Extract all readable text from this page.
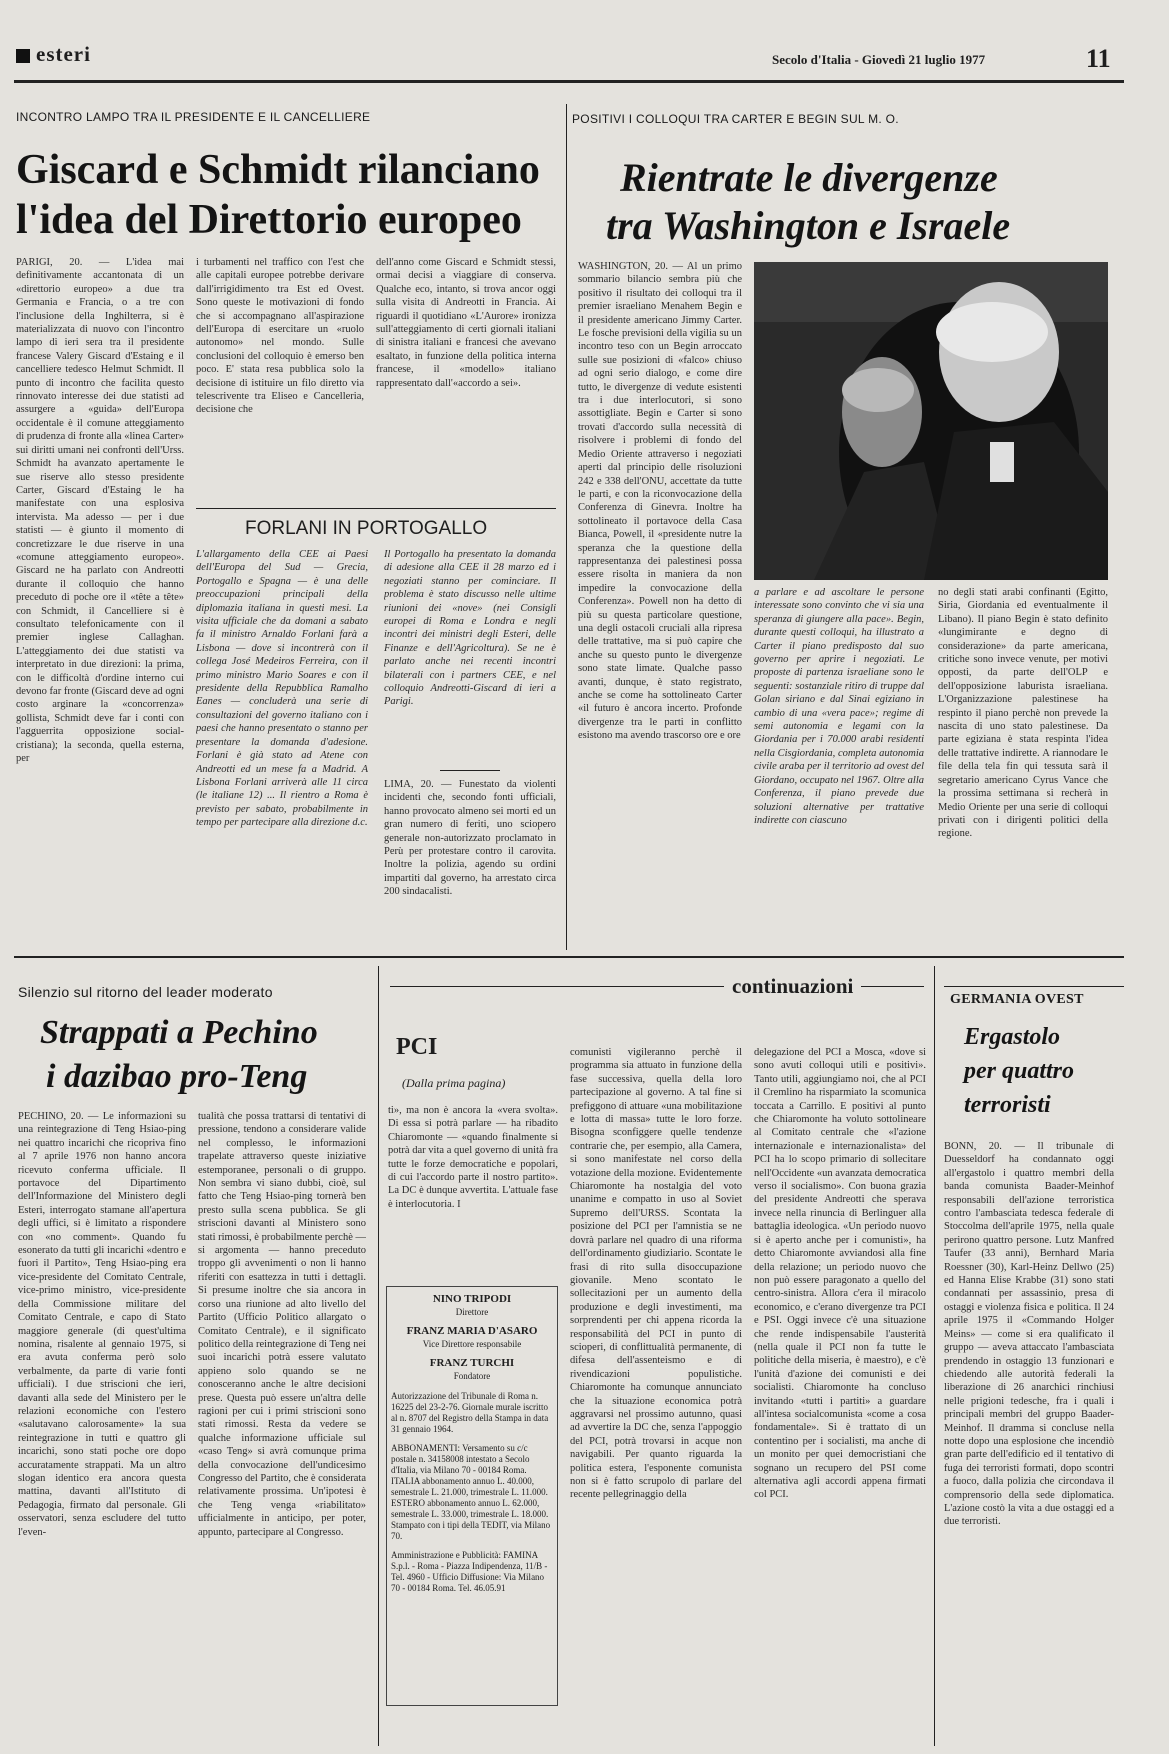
esteri	Secolo d'Italia - Giovedì 21 luglio 1977	11
INCONTRO LAMPO TRA IL PRESIDENTE E IL CANCELLIERE
Giscard e Schmidt rilanciano
l'idea del Direttorio europeo
PARIGI, 20. — L'idea mai definitivamente accantonata di un «direttorio europeo» a due tra Germania e Francia, o a tre con l'inclusione della Inghilterra, si è materializzata di nuovo con l'incontro lampo di ieri sera tra il presidente francese Valery Giscard d'Estaing e il cancelliere tedesco Helmut Schmidt. Il punto di incontro che facilita questo rinnovato interesse dei due statisti ad assurgere a «guida» dell'Europa occidentale è il comune atteggiamento di prudenza di fronte alla «linea Carter» sui diritti umani nei confronti dell'Urss. Schmidt ha avanzato apertamente le sue riserve allo stesso presidente Carter, Giscard d'Estaing le ha manifestate con una esplosiva intervista. Ma adesso — per i due statisti — è giunto il momento di concretizzare le due riserve in una «comune atteggiamento europeo». Giscard ne ha parlato con Andreotti durante il colloquio che hanno preceduto di poche ore il «tête a tête» con Schmidt, il Cancelliere si è consultato telefonicamente con il premier inglese Callaghan. L'atteggiamento dei due statisti va interpretato in due direzioni: la prima, con le difficoltà d'ordine interno cui devono far fronte (Giscard deve ad ogni costo arginare la «concorrenza» gollista, Schmidt deve far i conti con l'agguerrita opposizione social-cristiana); la seconda, quella esterna, per
i turbamenti nel traffico con l'est che alle capitali europee potrebbe derivare dall'irrigidimento tra Est ed Ovest. Sono queste le motivazioni di fondo che si accompagnano all'aspirazione dell'Europa di esercitare un «ruolo autonomo» nel mondo. Sulle conclusioni del colloquio è emerso ben poco. E' stata resa pubblica solo la decisione di istituire un filo diretto via telescrivente tra Eliseo e Cancelleria, decisione che
dell'anno come Giscard e Schmidt stessi, ormai decisi a viaggiare di conserva. Qualche eco, intanto, si trova ancor oggi sulla visita di Andreotti in Francia. Ai riguardi il quotidiano «L'Aurore» ironizza sull'atteggiamento di certi giornali italiani di sinistra italiani e francesi che avevano esaltato, in funzione della politica interna francese, il «modello» italiano rappresentato dall'«accordo a sei».
FORLANI IN PORTOGALLO
L'allargamento della CEE ai Paesi dell'Europa del Sud — Grecia, Portogallo e Spagna — è una delle preoccupazioni principali della diplomazia italiana in questi mesi. La visita ufficiale che da domani a sabato fa il ministro Arnaldo Forlani farà a Lisbona — dove si incontrerà con il collega José Medeiros Ferreira, con il primo ministro Mario Soares e con il presidente della Repubblica Ramalho Eanes — concluderà una serie di consultazioni del governo italiano con i paesi che hanno presentato o stanno per presentare la domanda d'adesione. Forlani è già stato ad Atene con Andreotti ed un mese fa a Madrid. A Lisbona Forlani arriverà alle 11 circa (le italiane 12) ... Il rientro a Roma è previsto per sabato, probabilmente in tempo per partecipare alla direzione d.c.
Il Portogallo ha presentato la domanda di adesione alla CEE il 28 marzo ed i negoziati stanno per cominciare. Il problema è stato discusso nelle ultime riunioni dei «nove» (nei Consigli europei di Roma e Londra e negli incontri dei ministri degli Esteri, delle Finanze e dell'Agricoltura). Se ne è parlato anche nei recenti incontri bilaterali con i partners CEE, e nel colloquio Andreotti-Giscard di ieri a Parigi.
LIMA, 20. — Funestato da violenti incidenti che, secondo fonti ufficiali, hanno provocato almeno sei morti ed un gran numero di feriti, uno sciopero generale non-autorizzato proclamato in Perù per protestare contro il carovita. Inoltre la polizia, agendo su ordini impartiti dal governo, ha arrestato circa 200 sindacalisti.
POSITIVI I COLLOQUI TRA CARTER E BEGIN SUL M. O.
Rientrate le divergenze
tra Washington e Israele
WASHINGTON, 20. — Al un primo sommario bilancio sembra più che positivo il risultato dei colloqui tra il premier israeliano Menahem Begin e il presidente americano Jimmy Carter. Le fosche previsioni della vigilia su un incontro teso con un Begin arroccato sulle sue posizioni di «falco» chiuso ad ogni serio dialogo, e come dire tutto, le divergenze di vedute esistenti tra i due interlocutori, si sono assottigliate. Begin e Carter si sono trovati d'accordo sulla necessità di risolvere i problemi di fondo del Medio Oriente attraverso i negoziati aperti dal principio delle risoluzioni 242 e 338 dell'ONU, accettate da tutte le parti, e con la riconvocazione della Conferenza di Ginevra. Inoltre ha sottolineato il portavoce della Casa Bianca, Powell, il «presidente nutre la speranza che la questione della rappresentanza dei palestinesi possa essere risolta in maniera da non impedire la convocazione della Conferenza». Powell non ha detto di più su questa particolare questione, una degli ostacoli cruciali alla ripresa delle trattative, ma si può capire che anche su questo punto le divergenze sono state limate. Qualche passo avanti, dunque, è stato registrato, anche se come ha sottolineato Carter «il futuro è ancora incerto. Profonde divergenze tra le parti in conflitto esistono ma avendo trascorso ore e ore
a parlare e ad ascoltare le persone interessate sono convinto che vi sia una speranza di giungere alla pace». Begin, durante questi colloqui, ha illustrato a Carter il piano predisposto dal suo governo per aprire i negoziati. Le proposte di partenza israeliane sono le seguenti: sostanziale ritiro di truppe dal Golan siriano e dal Sinai egiziano in cambio di una «vera pace»; regime di semi autonomia e legami con la Giordania per i 70.000 arabi residenti nella Cisgiordania, completa autonomia civile araba per il territorio ad ovest del Giordano, occupato nel 1967. Oltre alla Conferenza, il piano prevede due soluzioni alternative per trattative indirette con ciascuno
no degli stati arabi confinanti (Egitto, Siria, Giordania ed eventualmente il Libano). Il piano Begin è stato definito «lungimirante e degno di considerazione» da parte americana, critiche sono invece venute, per motivi opposti, da parte dell'OLP e dell'opposizione laburista israeliana. L'Organizzazione palestinese ha respinto il piano perchè non prevede la nascita di uno stato palestinese. Da parte egiziana è stata respinta l'idea delle trattative indirette. A riannodare le file della tela fin qui tessuta sarà il segretario americano Cyrus Vance che la prossima settimana si recherà in Medio Oriente per una serie di colloqui privati con i dirigenti politici della regione.
Silenzio sul ritorno del leader moderato
Strappati a Pechino
i dazibao pro-Teng
PECHINO, 20. — Le informazioni su una reintegrazione di Teng Hsiao-ping nei quattro incarichi che ricopriva fino al 7 aprile 1976 non hanno ancora ricevuto conferma ufficiale. Il portavoce del Dipartimento dell'Informazione del Ministero degli Esteri, interrogato stamane all'apertura degli uffici, si è limitato a rispondere con «no comment». Quando fu esonerato da tutti gli incarichi «dentro e fuori il Partito», Teng Hsiao-ping era vice-presidente del Comitato Centrale, vice-primo ministro, vice-presidente della Commissione militare del Comitato Centrale, e capo di Stato maggiore generale (di quest'ultima nomina, risalente al gennaio 1975, si era avuta conferma però solo verbalmente, da parte di varie fonti ufficiali). I due striscioni che ieri, davanti alla sede del Ministero per le relazioni economiche con l'estero «salutavano calorosamente» la sua reintegrazione in tutti e quattro gli incarichi, sono stati poche ore dopo accuratamente strappati. Ma un altro slogan identico era ancora questa mattina, davanti all'Istituto di Pedagogia, firmato dal personale. Gli osservatori, senza escludere del tutto l'even-
tualità che possa trattarsi di tentativi di pressione, tendono a considerare valide nel complesso, le informazioni trapelate attraverso queste iniziative estemporanee, personali o di gruppo. Non sembra vi siano dubbi, cioè, sul fatto che Teng Hsiao-ping tornerà ben presto sulla scena pubblica. Se gli striscioni davanti al Ministero sono stati rimossi, è probabilmente perchè — si argomenta — hanno preceduto troppo gli avvenimenti o non li hanno riferiti con esattezza in tutti i dettagli. Si presume inoltre che sia ancora in corso una riunione ad alto livello del Partito (Ufficio Politico allargato o Comitato Centrale), e il significato politico della reintegrazione di Teng nei suoi incarichi potrà essere valutato appieno solo quando se ne conosceranno anche le altre decisioni prese. Questa può essere un'altra delle ragioni per cui i primi striscioni sono stati rimossi. Resta da vedere se qualche informazione ufficiale sul «caso Teng» si avrà comunque prima della convocazione dell'undicesimo Congresso del Partito, che è considerata relativamente prossima. Un'ipotesi è che Teng venga «riabilitato» ufficialmente in anticipo, per poter, appunto, partecipare al Congresso.
continuazioni
PCI
(Dalla prima pagina)
ti», ma non è ancora la «vera svolta». Di essa si potrà parlare — ha ribadito Chiaromonte — «quando finalmente si potrà dar vita a quel governo di unità fra tutte le forze democratiche e popolari, di cui l'accordo parte il nostro partito». La DC è dunque avvertita. L'attuale fase è interlocutoria. I
NINO TRIPODI
Direttore
FRANZ MARIA D'ASARO
Vice Direttore responsabile
FRANZ TURCHI
Fondatore
Autorizzazione del Tribunale di Roma n. 16225 del 23-2-76. Giornale murale iscritto al n. 8707 del Registro della Stampa in data 31 gennaio 1964.
ABBONAMENTI: Versamento su c/c postale n. 34158008 intestato a Secolo d'Italia, via Milano 70 - 00184 Roma. ITALIA abbonamento annuo L. 40.000, semestrale L. 21.000, trimestrale L. 11.000. ESTERO abbonamento annuo L. 62.000, semestrale L. 33.000, trimestrale L. 18.000. Stampato con i tipi della TEDIT, via Milano 70.
Amministrazione e Pubblicità: FAMINA S.p.l. - Roma - Piazza Indipendenza, 11/B - Tel. 4960 - Ufficio Diffusione: Via Milano 70 - 00184 Roma. Tel. 46.05.91
comunisti vigileranno perchè il programma sia attuato in funzione della fase successiva, quella della loro partecipazione al governo. A tal fine si prefiggono di attuare «una mobilitazione e lotta di massa» tutte le loro forze. Bisogna sconfiggere quelle tendenze contrarie che, per esempio, alla Camera, si sono manifestate nel corso della votazione della mozione. Evidentemente Chiaromonte ha nostalgia del voto unanime e compatto in uso al Soviet Supremo dell'URSS. Scontata la posizione del PCI per l'amnistia se ne dovrà parlare nel quadro di una riforma dell'ordinamento giudiziario. Scontate le frasi di rito sulla disoccupazione giovanile. Meno scontato le sollecitazioni per un aumento della produzione e degli investimenti, ma sorprendenti per chi appena ricorda la responsabilità del PCI in punto di scioperi, di conflittualità permanente, di difesa dell'assenteismo e di rivendicazioni populistiche. Chiaromonte ha comunque annunciato che la situazione economica potrà aggravarsi nel prossimo autunno, quasi ad avvertire la DC che, senza l'appoggio del PCI, potrà trovarsi in acque non navigabili. Per quanto riguarda la politica estera, l'esponente comunista non si è fatto scrupolo di parlare del recente pellegrinaggio della
delegazione del PCI a Mosca, «dove si sono avuti colloqui utili e positivi». Tanto utili, aggiungiamo noi, che al PCI il Cremlino ha risparmiato la scomunica toccata a Carrillo. E positivi al punto che Chiaromonte ha voluto sottolineare al Comitato centrale che «l'azione internazionale e internazionalista» del PCI ha lo scopo primario di sollecitare nell'Occidente «un avanzata democratica verso il socialismo». Con buona grazia del presidente Andreotti che sperava invece nella rinuncia di Berlinguer alla battaglia ideologica. «Un periodo nuovo si è aperto anche per i comunisti», ha detto Chiaromonte avviandosi alla fine della relazione; un periodo nuovo che non può essere paragonato a quello del centro-sinistra. Allora c'era il miracolo economico, e c'erano divergenze tra PCI e PSI. Oggi invece c'è una situazione che rende indispensabile l'austerità (nella quale il PCI non fa tutte le politiche della miseria, è maestro), e c'è l'unità d'azione dei comunisti e dei socialisti. Chiaromonte ha concluso invitando «tutti i partiti» a guardare all'intesa socialcomunista «come a cosa fondamentale». Si è trattato di un contentino per i socialisti, ma anche di un monito per quei democristiani che sognano un recupero del PSI come alternativa agli accordi appena firmati col PCI.
GERMANIA OVEST
Ergastolo
per quattro
terroristi
BONN, 20. — Il tribunale di Duesseldorf ha condannato oggi all'ergastolo i quattro membri della banda comunista Baader-Meinhof responsabili dell'azione terroristica contro l'ambasciata tedesca federale di Stoccolma dell'aprile 1975, nella quale perirono quattro persone. Lutz Manfred Taufer (33 anni), Bernhard Maria Roessner (30), Karl-Heinz Dellwo (25) ed Hanna Elise Krabbe (31) sono stati condannati per assassinio, presa di ostaggi e violenza fisica e politica. Il 24 aprile 1975 il «Commando Holger Meins» — come si era qualificato il gruppo — aveva attaccato l'ambasciata prendendo in ostaggio 13 funzionari e chiedendo alle autorità federali la liberazione di 26 anarchici rinchiusi nelle prigioni tedesche, fra i quali i principali membri del gruppo Baader-Meinhof. Il dramma si concluse nella notte dopo una esplosione che incendiò gran parte dell'edificio ed il tentativo di fuga dei terroristi formati, dopo scontri a fuoco, dalla polizia che circondava il comprensorio della sede diplomatica. L'azione costò la vita a due ostaggi ed a due terroristi.
